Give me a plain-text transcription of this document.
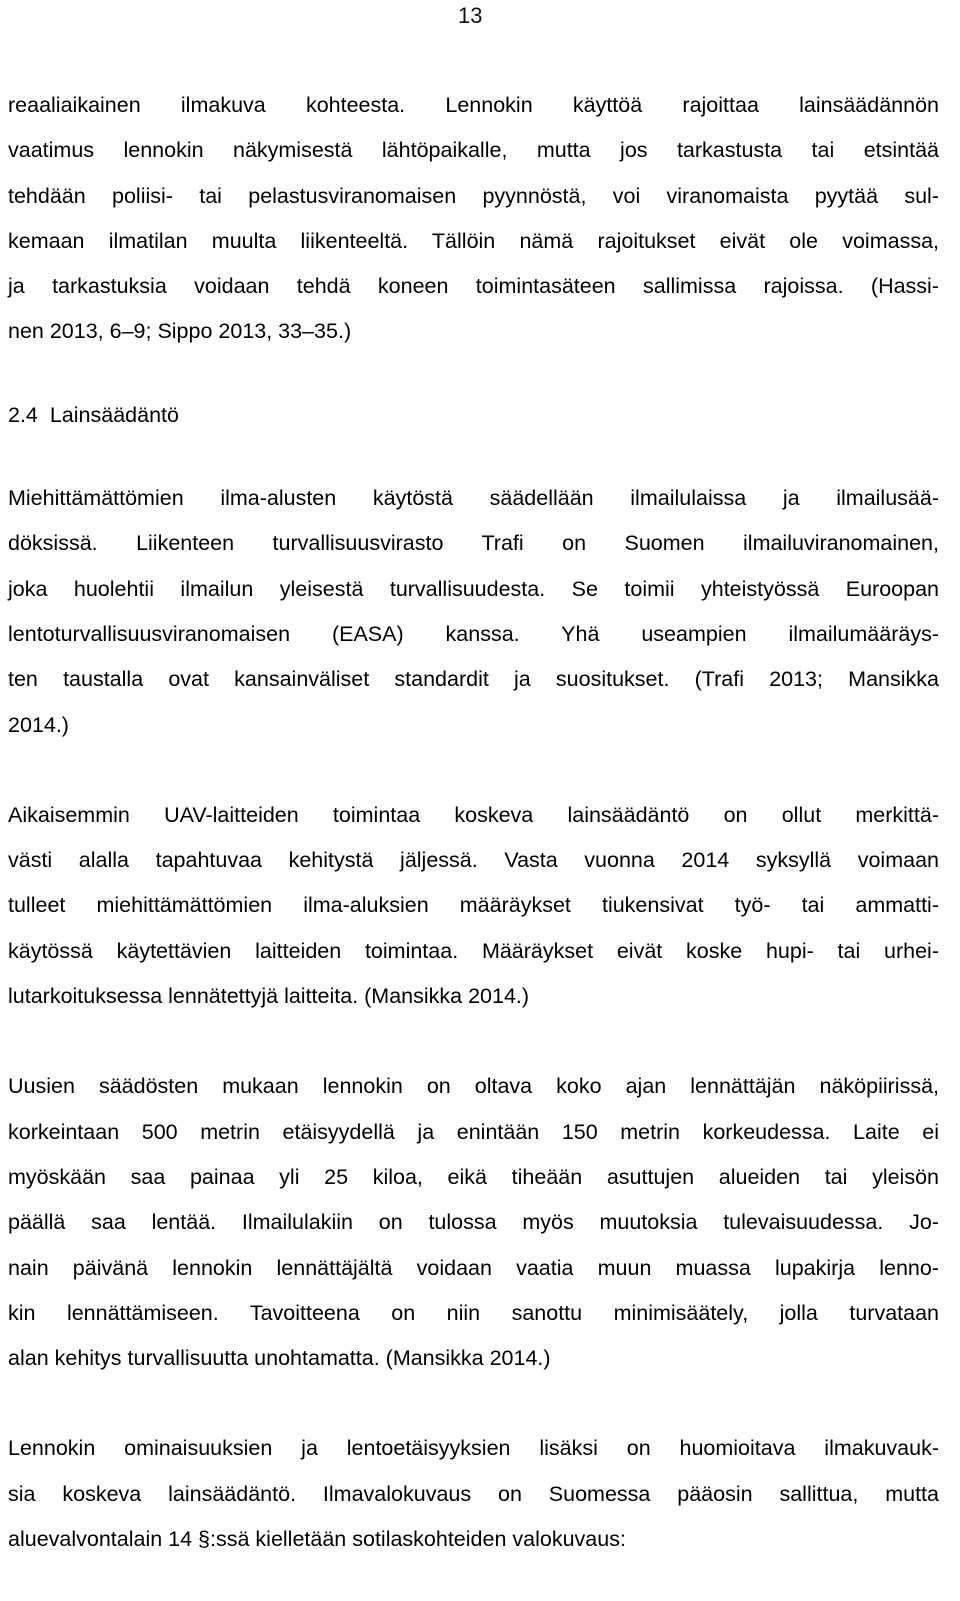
13

reaaliaikainen ilmakuva kohteesta. Lennokin käyttöä rajoittaa lainsäädännön
vaatimus lennokin näkymisestä lähtöpaikalle, mutta jos tarkastusta tai etsintää
tehdään poliisi- tai pelastusviranomaisen pyynnöstä, voi viranomaista pyytää sul-
kemaan ilmatilan muulta liikenteeltä. Tällöin nämä rajoitukset eivät ole voimassa,
ja tarkastuksia voidaan tehdä koneen toimintasäteen sallimissa rajoissa. (Hassi-
nen 2013, 6–9; Sippo 2013, 33–35.)

2.4 Lainsäädäntö

Miehittämättömien ilma-alusten käytöstä säädellään ilmailulaissa ja ilmailusää-
döksissä. Liikenteen turvallisuusvirasto Trafi on Suomen ilmailuviranomainen,
joka huolehtii ilmailun yleisestä turvallisuudesta. Se toimii yhteistyössä Euroopan
lentoturvallisuusviranomaisen (EASA) kanssa. Yhä useampien ilmailumääräys-
ten taustalla ovat kansainväliset standardit ja suositukset. (Trafi 2013; Mansikka
2014.)

Aikaisemmin UAV-laitteiden toimintaa koskeva lainsäädäntö on ollut merkittä-
västi alalla tapahtuvaa kehitystä jäljessä. Vasta vuonna 2014 syksyllä voimaan
tulleet miehittämättömien ilma-aluksien määräykset tiukensivat työ- tai ammatti-
käytössä käytettävien laitteiden toimintaa. Määräykset eivät koske hupi- tai urhei-
lutarkoituksessa lennätettyjä laitteita. (Mansikka 2014.)

Uusien säädösten mukaan lennokin on oltava koko ajan lennättäjän näköpiirissä,
korkeintaan 500 metrin etäisyydellä ja enintään 150 metrin korkeudessa. Laite ei
myöskään saa painaa yli 25 kiloa, eikä tiheään asuttujen alueiden tai yleisön
päällä saa lentää. Ilmailulakiin on tulossa myös muutoksia tulevaisuudessa. Jo-
nain päivänä lennokin lennättäjältä voidaan vaatia muun muassa lupakirja lenno-
kin lennättämiseen. Tavoitteena on niin sanottu minimisäätely, jolla turvataan
alan kehitys turvallisuutta unohtamatta. (Mansikka 2014.)

Lennokin ominaisuuksien ja lentoetäisyyksien lisäksi on huomioitava ilmakuvauk-
sia koskeva lainsäädäntö. Ilmavalokuvaus on Suomessa pääosin sallittua, mutta
aluevalvontalain 14 §:ssä kielletään sotilaskohteiden valokuvaus:
